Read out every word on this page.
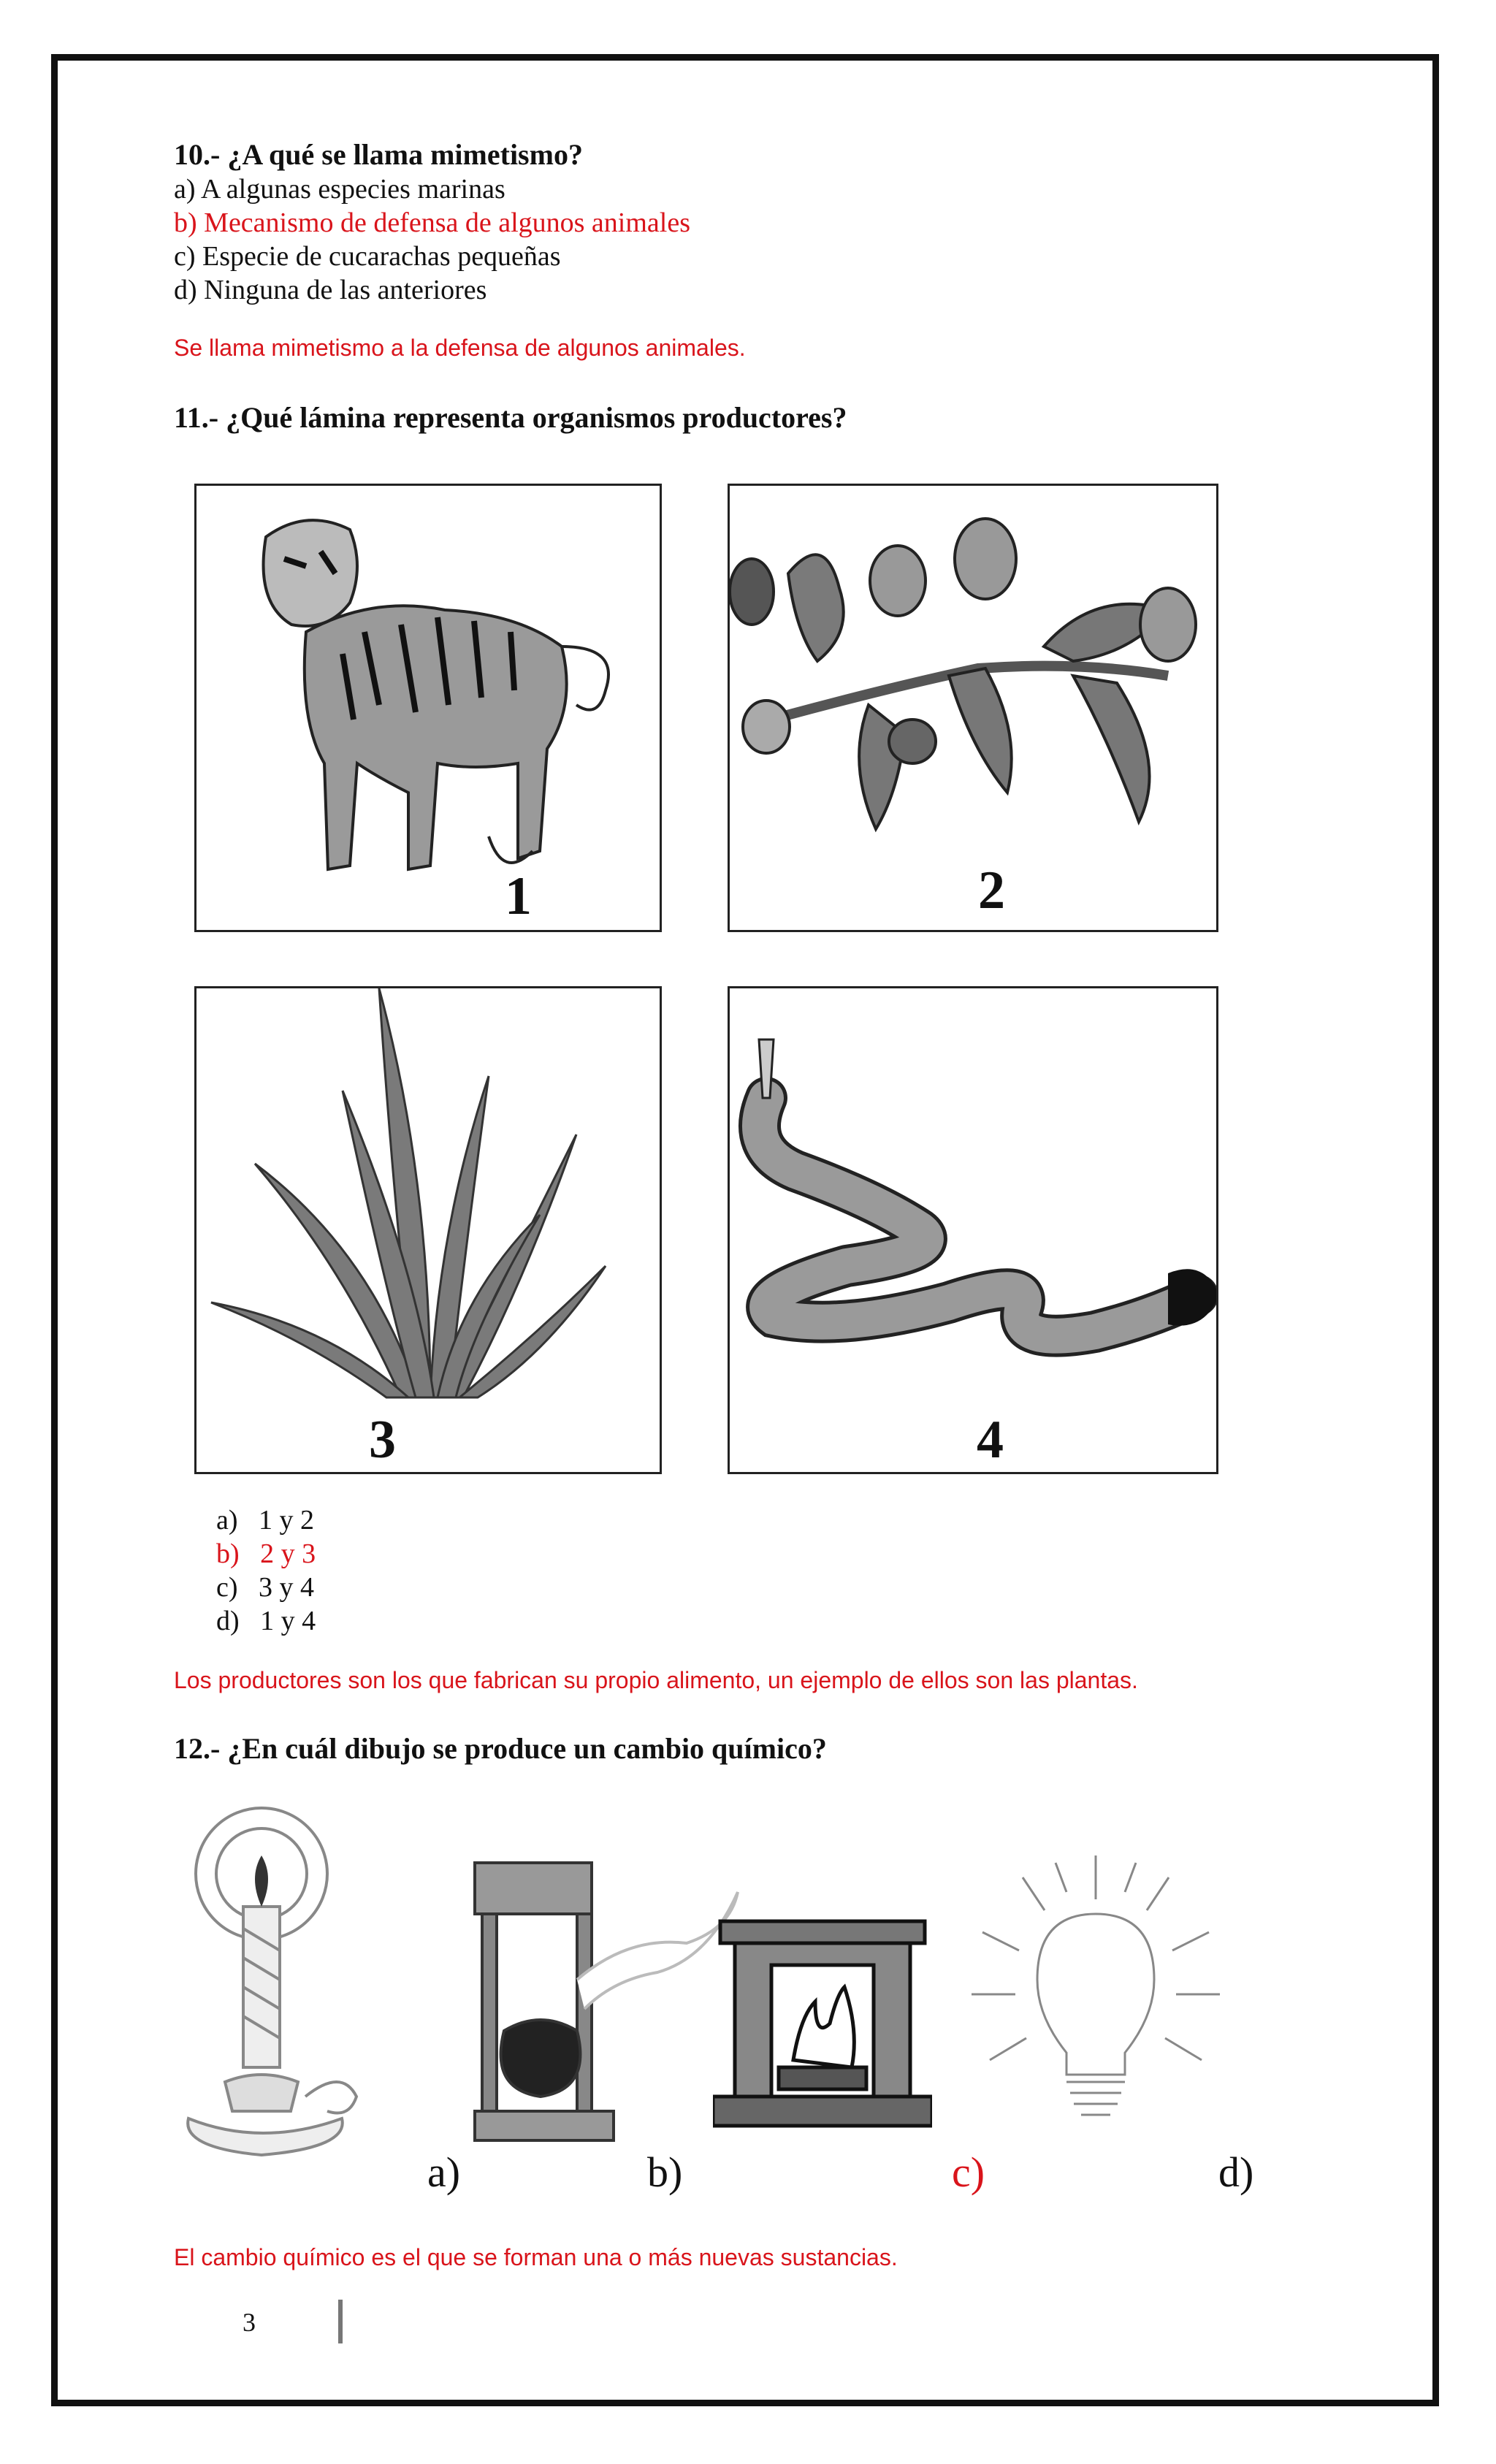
10.- ¿A qué se llama mimetismo?
a) A algunas especies marinas
b) Mecanismo de defensa de algunos animales
c) Especie de cucarachas pequeñas
d) Ninguna de las anteriores
Se llama mimetismo a la defensa de algunos animales.
11.- ¿Qué lámina representa organismos productores?
1	2
3	4
a) 1 y 2
b) 2 y 3
c) 3 y 4
d) 1 y 4
Los productores son los que fabrican su propio alimento, un ejemplo de ellos son las plantas.
12.- ¿En cuál dibujo se produce un cambio químico?
a)	b)	c)	d)
El cambio químico es el que se forman una o más nuevas sustancias.
3
